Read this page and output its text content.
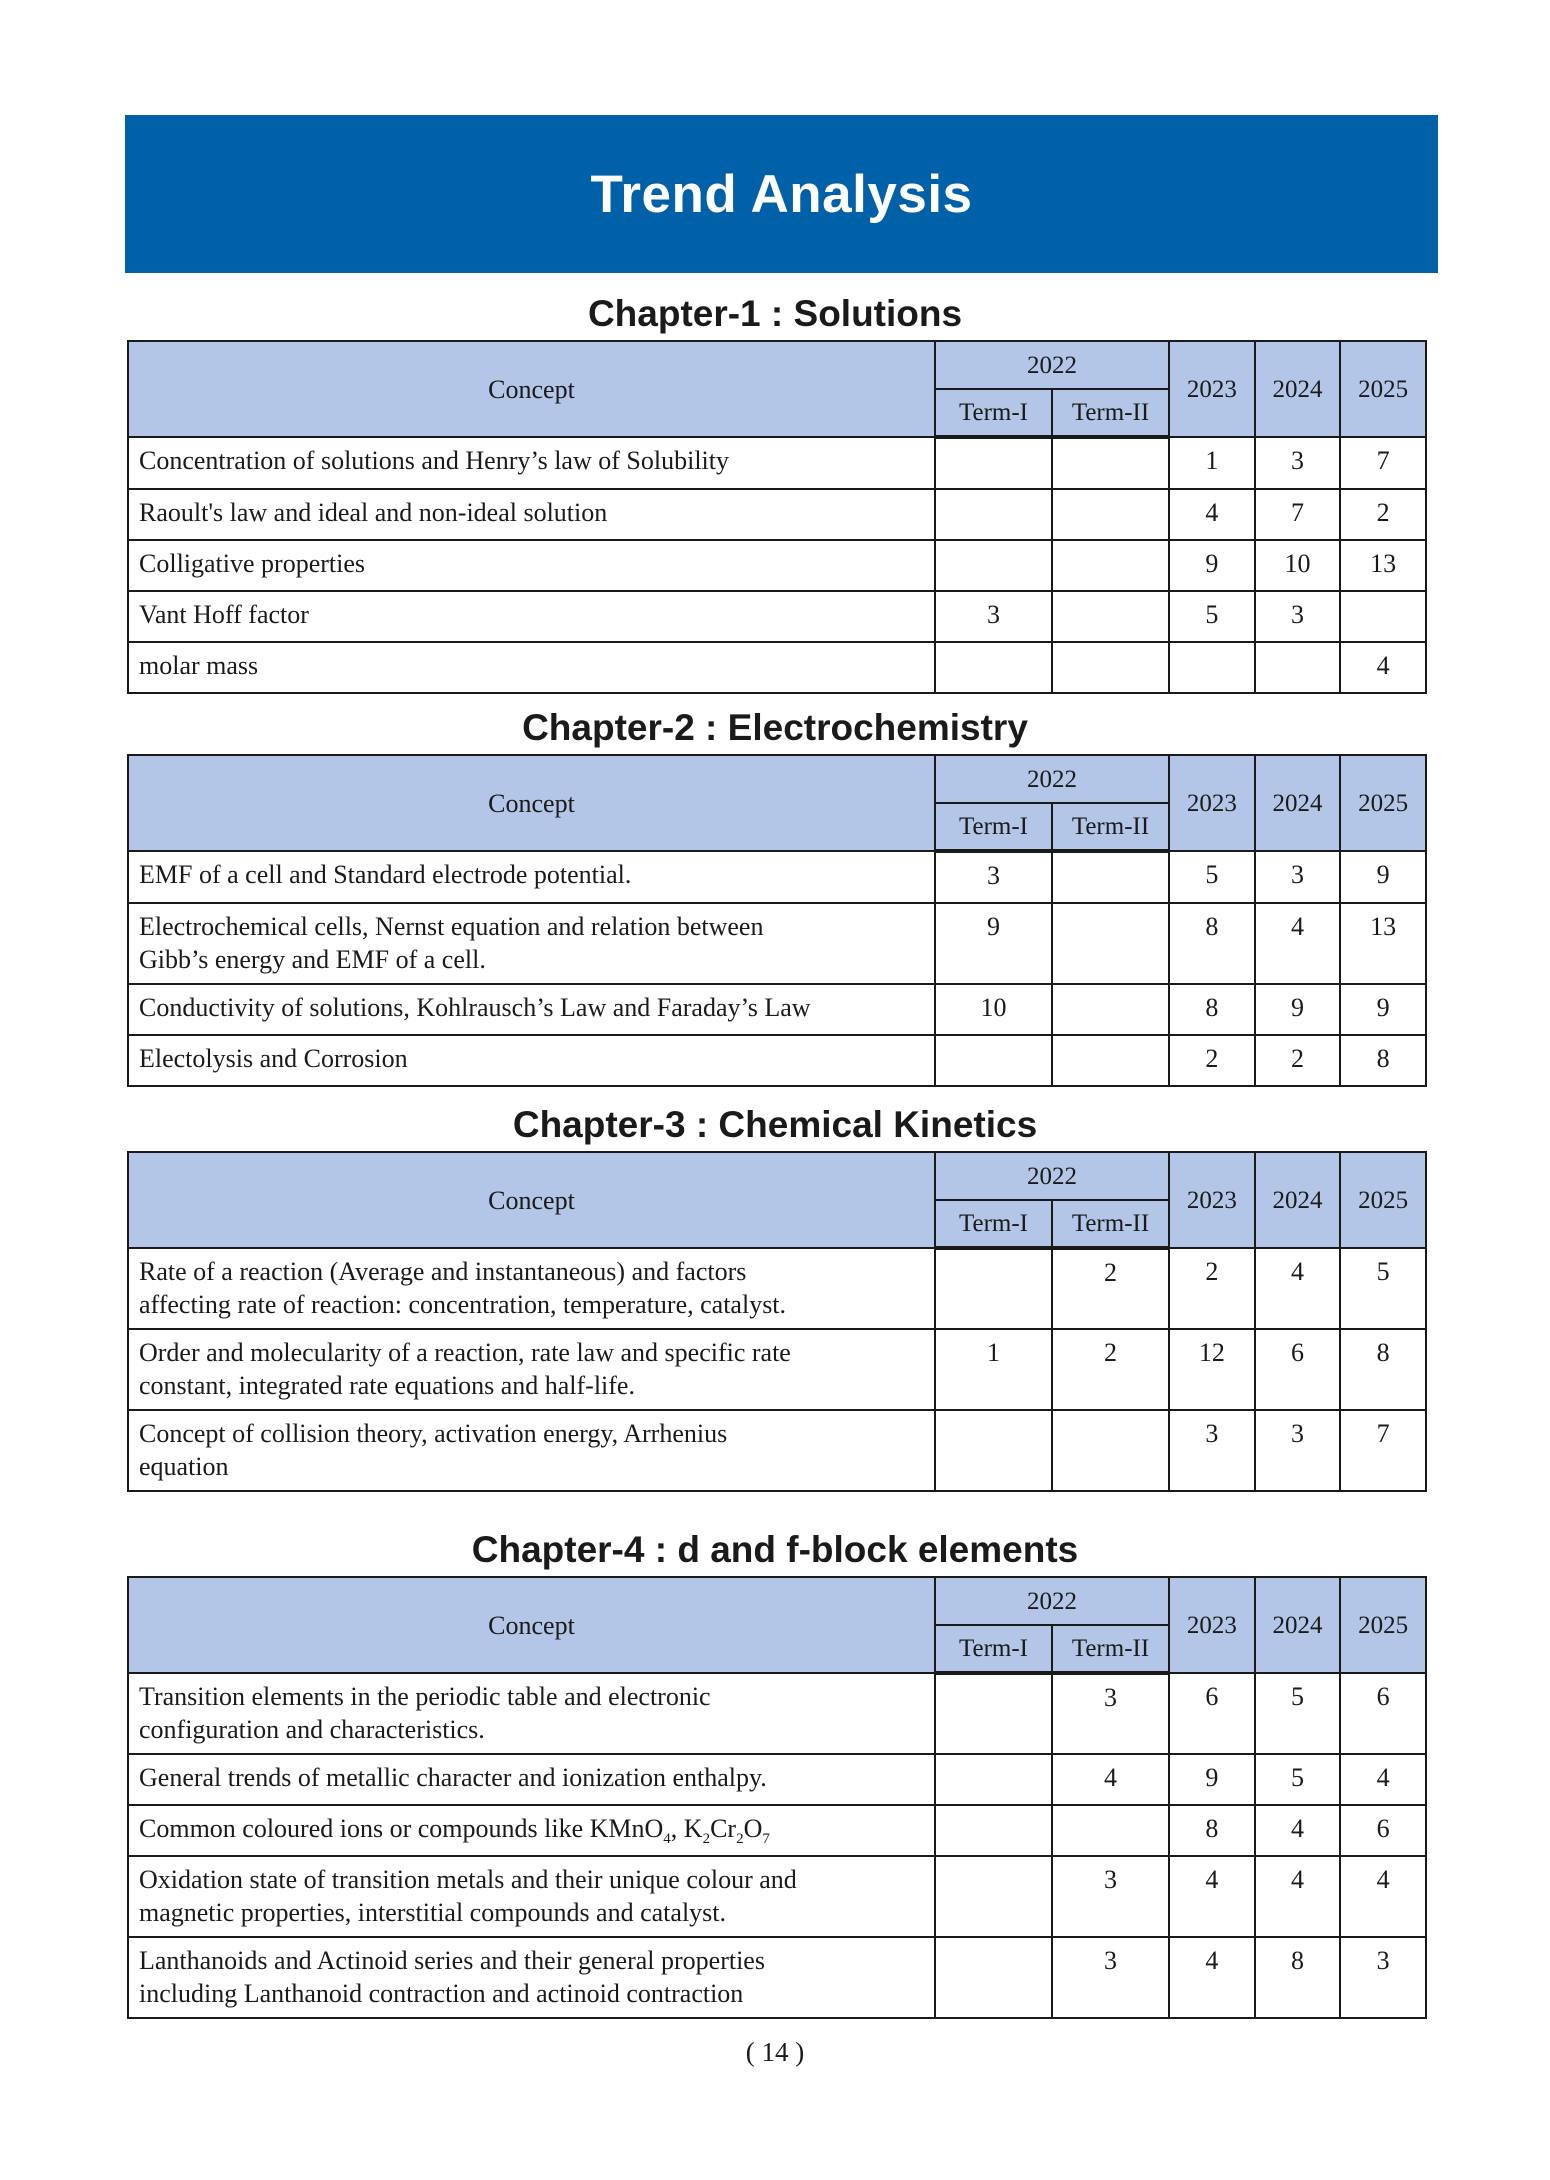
Trend Analysis
Chapter-1 : Solutions
Concept	2022		2023	2024	2025
	Term-I	Term-II			
Concentration of solutions and Henry’s law of Solubility			1	3	7
Raoult's law and ideal and non-ideal solution			4	7	2
Colligative properties			9	10	13
Vant Hoff factor	3		5	3	
molar mass					4
Chapter-2 : Electrochemistry
Concept	2022		2023	2024	2025
	Term-I	Term-II			
EMF of a cell and Standard electrode potential.	3		5	3	9
Electrochemical cells, Nernst equation and relation between
Gibb’s energy and EMF of a cell.	9		8	4	13
Conductivity of solutions, Kohlrausch’s Law and Faraday’s Law	10		8	9	9
Electolysis and Corrosion			2	2	8
Chapter-3 : Chemical Kinetics
Concept	2022		2023	2024	2025
	Term-I	Term-II			
Rate of a reaction (Average and instantaneous) and factors
affecting rate of reaction: concentration, temperature, catalyst.		2	2	4	5
Order and molecularity of a reaction, rate law and specific rate
constant, integrated rate equations and half-life.	1	2	12	6	8
Concept of collision theory, activation energy, Arrhenius
equation			3	3	7
Chapter-4 : d and f-block elements
Concept	2022		2023	2024	2025
	Term-I	Term-II			
Transition elements in the periodic table and electronic
configuration and characteristics.		3	6	5	6
General trends of metallic character and ionization enthalpy.		4	9	5	4
Common coloured ions or compounds like KMnO$_4$, $K_2Cr_2O_7$			8	4	6
Oxidation state of transition metals and their unique colour and
magnetic properties, interstitial compounds and catalyst.		3	4	4	4
Lanthanoids and Actinoid series and their general properties
including Lanthanoid contraction and actinoid contraction		3	4	8	3
( 14 )
